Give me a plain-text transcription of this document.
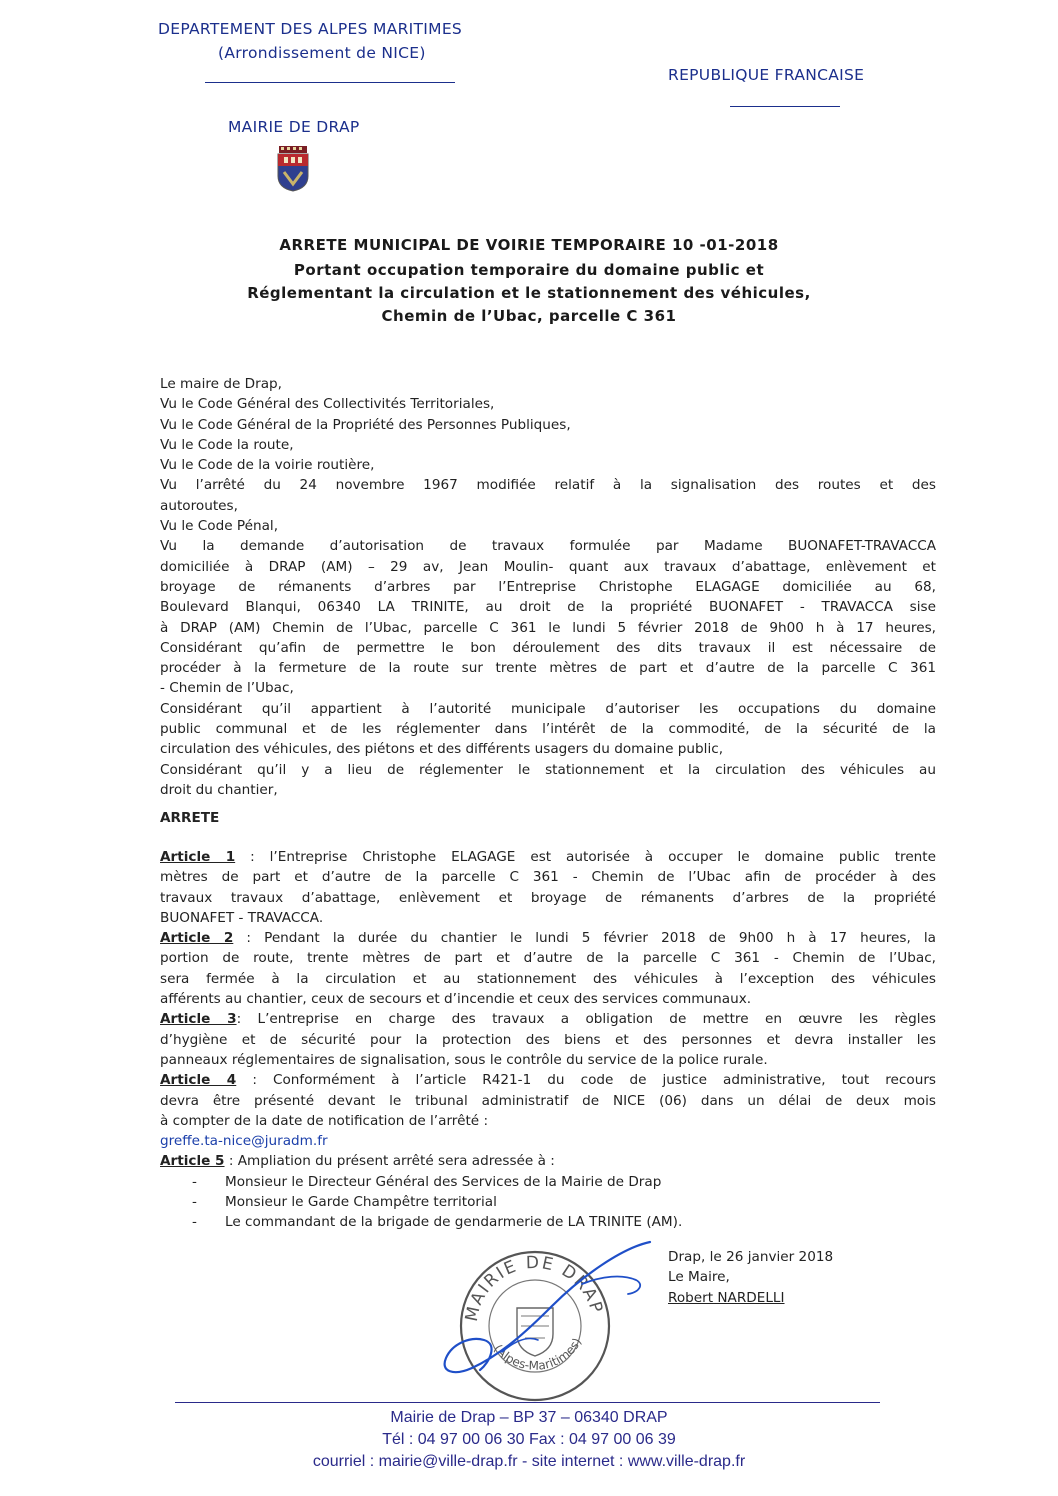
DEPARTEMENT DES ALPES MARITIMES
(Arrondissement de NICE)
REPUBLIQUE FRANCAISE
MAIRIE DE DRAP
ARRETE MUNICIPAL DE VOIRIE TEMPORAIRE 10 -01-2018
Portant occupation temporaire du domaine public et
Réglementant la circulation et le stationnement des véhicules,
Chemin de l’Ubac, parcelle C 361
Le maire de Drap,
Vu le Code Général des Collectivités Territoriales,
Vu le Code Général de la Propriété des Personnes Publiques,
Vu le Code la route,
Vu le Code de la voirie routière,
Vu l’arrêté du 24 novembre 1967 modifiée relatif à la signalisation des routes et des
autoroutes,
Vu le Code Pénal,
Vu la demande d’autorisation de travaux formulée par Madame BUONAFET-TRAVACCA
domiciliée à DRAP (AM) – 29 av, Jean Moulin- quant aux travaux d’abattage, enlèvement et
broyage de rémanents d’arbres par l’Entreprise Christophe ELAGAGE domiciliée au 68,
Boulevard Blanqui, 06340 LA TRINITE, au droit de la propriété BUONAFET - TRAVACCA sise
à DRAP (AM) Chemin de l’Ubac, parcelle C 361 le lundi 5 février 2018 de 9h00 h à 17 heures,
Considérant qu’afin de permettre le bon déroulement des dits travaux il est nécessaire de
procéder à la fermeture de la route sur trente mètres de part et d’autre de la parcelle C 361
- Chemin de l’Ubac,
Considérant qu’il appartient à l’autorité municipale d’autoriser les occupations du domaine
public communal et de les réglementer dans l’intérêt de la commodité, de la sécurité de la
circulation des véhicules, des piétons et des différents usagers du domaine public,
Considérant qu’il y a lieu de réglementer le stationnement et la circulation des véhicules au
droit du chantier,
ARRETE
Article 1 : l’Entreprise Christophe ELAGAGE est autorisée à occuper le domaine public trente
mètres de part et d’autre de la parcelle C 361 - Chemin de l’Ubac afin de procéder à des
travaux travaux d’abattage, enlèvement et broyage de rémanents d’arbres de la propriété
BUONAFET - TRAVACCA.
Article 2 : Pendant la durée du chantier le lundi 5 février 2018 de 9h00 h à 17 heures, la
portion de route, trente mètres de part et d’autre de la parcelle C 361 - Chemin de l’Ubac,
sera fermée à la circulation et au stationnement des véhicules à l’exception des véhicules
afférents au chantier, ceux de secours et d’incendie et ceux des services communaux.
Article 3: L’entreprise en charge des travaux a obligation de mettre en œuvre les règles
d’hygiène et de sécurité pour la protection des biens et des personnes et devra installer les
panneaux réglementaires de signalisation, sous le contrôle du service de la police rurale.
Article 4 : Conformément à l’article R421-1 du code de justice administrative, tout recours
devra être présenté devant le tribunal administratif de NICE (06) dans un délai de deux mois
à compter de la date de notification de l’arrêté :
greffe.ta-nice@juradm.fr
Article 5 : Ampliation du présent arrêté sera adressée à :
- Monsieur le Directeur Général des Services de la Mairie de Drap
- Monsieur le Garde Champêtre territorial
- Le commandant de la brigade de gendarmerie de LA TRINITE (AM).
MAIRIE DE DRAP
(Alpes-Maritimes)
Drap, le 26 janvier 2018
Le Maire,
Robert NARDELLI
Mairie de Drap – BP 37 – 06340 DRAP
Tél : 04 97 00 06 30 Fax : 04 97 00 06 39
courriel : mairie@ville-drap.fr - site internet : www.ville-drap.fr
